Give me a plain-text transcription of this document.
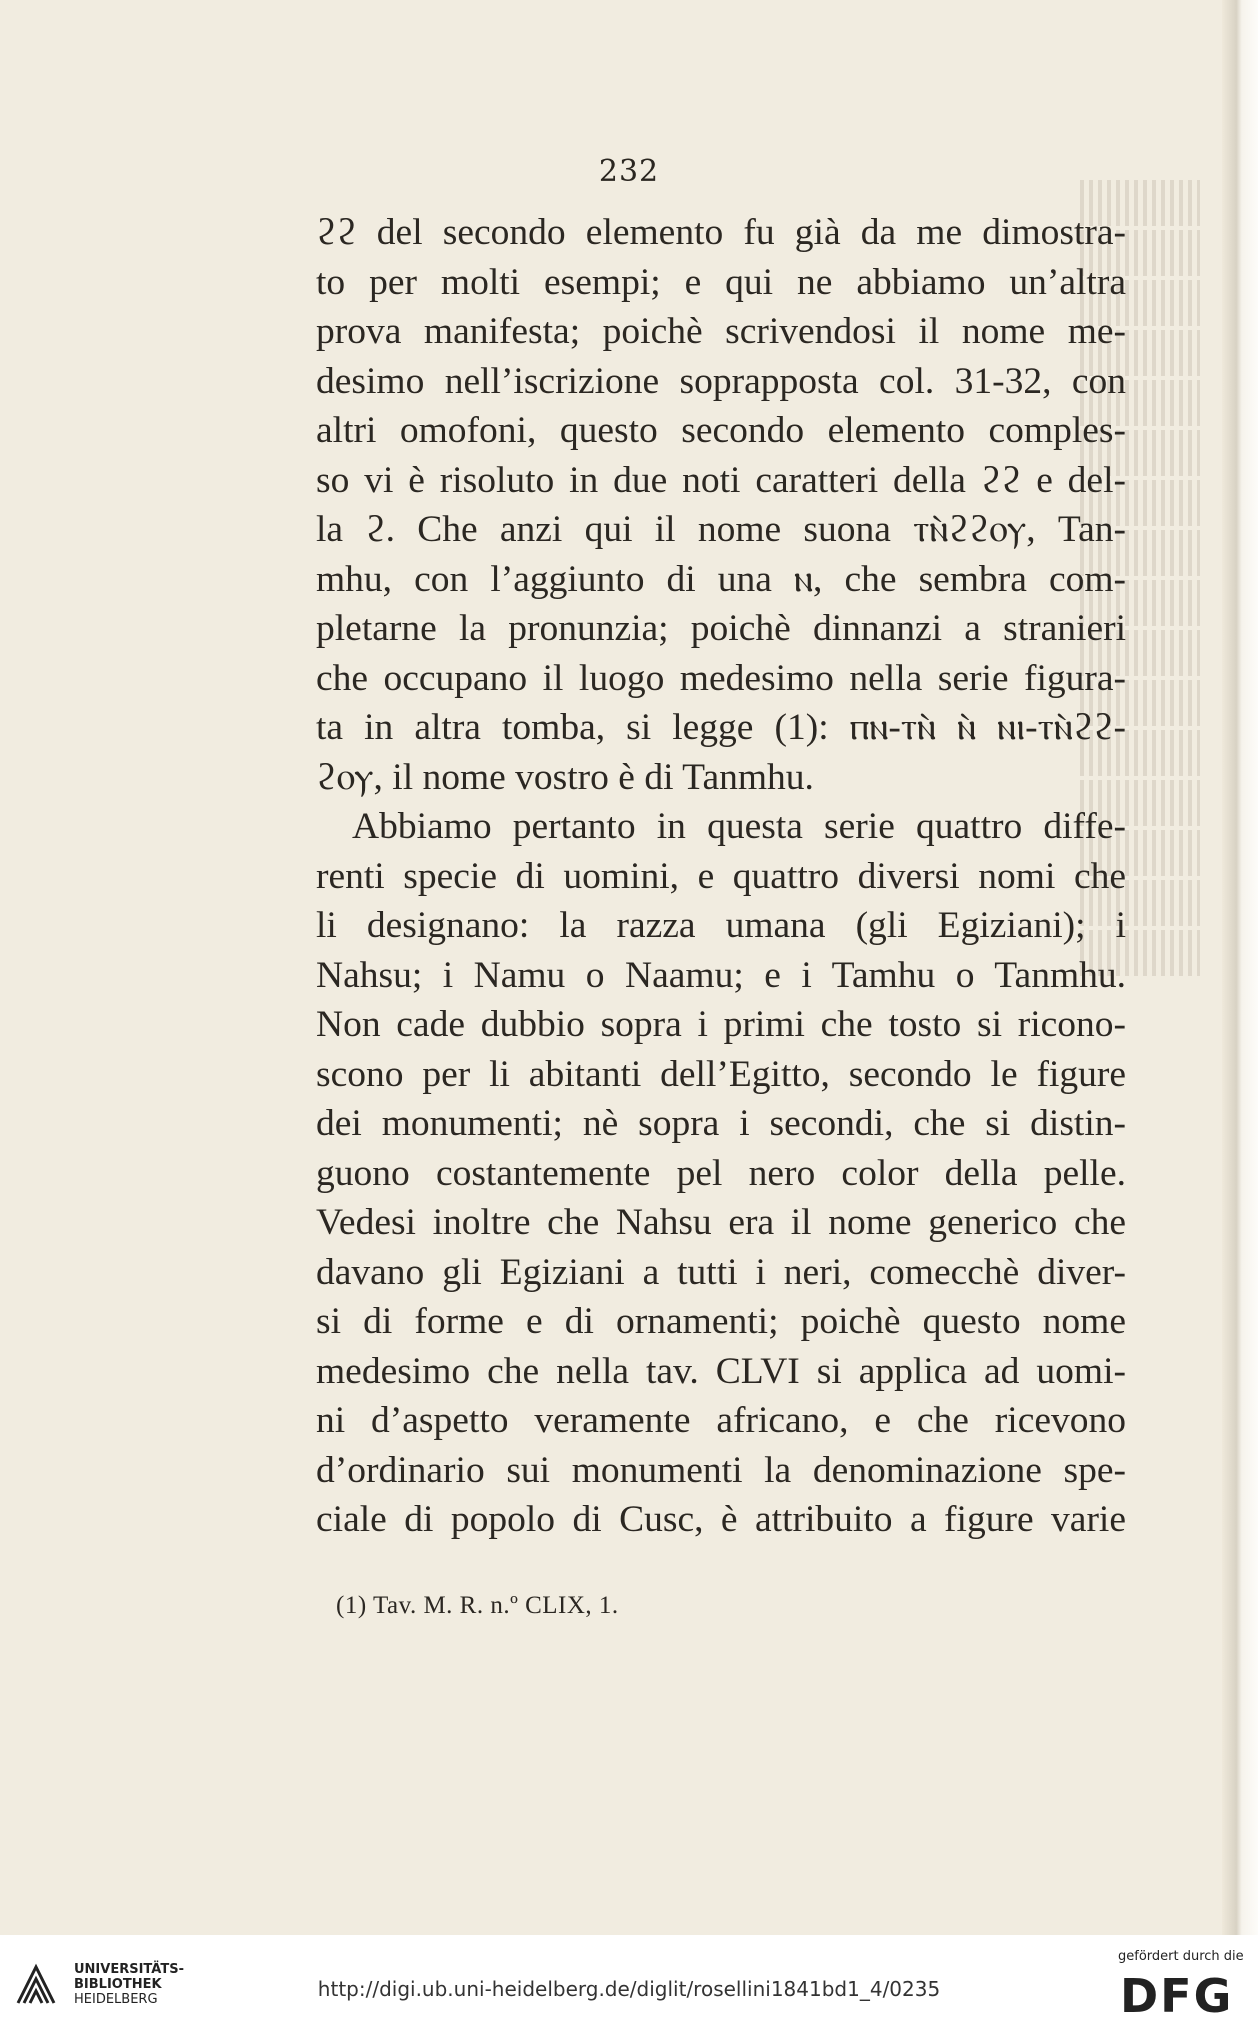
232
ϩϩ del secondo elemento fu già da me dimostra-
to per molti esempi; e qui ne abbiamo un’altra
prova manifesta; poichè scrivendosi il nome me-
desimo nell’iscrizione soprapposta col. 31-32, con
altri omofoni, questo secondo elemento comples-
so vi è risoluto in due noti caratteri della ϩϩ e del-
la ϩ. Che anzi qui il nome suona ⲧⲛ̀ϩϩⲟⲩ, Tan-
mhu, con l’aggiunto di una ⲛ, che sembra com-
pletarne la pronunzia; poichè dinnanzi a stranieri
che occupano il luogo medesimo nella serie figura-
ta in altra tomba, si legge (1): ⲡⲛ-ⲧⲛ̀ ⲛ̀ ⲛⲓ-ⲧⲛ̀ϩϩ-
ϩⲟⲩ, il nome vostro è di Tanmhu.
Abbiamo pertanto in questa serie quattro diffe-
renti specie di uomini, e quattro diversi nomi che
li designano: la razza umana (gli Egiziani); i
Nahsu; i Namu o Naamu; e i Tamhu o Tanmhu.
Non cade dubbio sopra i primi che tosto si ricono-
scono per li abitanti dell’Egitto, secondo le figure
dei monumenti; nè sopra i secondi, che si distin-
guono costantemente pel nero color della pelle.
Vedesi inoltre che Nahsu era il nome generico che
davano gli Egiziani a tutti i neri, comecchè diver-
si di forme e di ornamenti; poichè questo nome
medesimo che nella tav. CLVI si applica ad uomi-
ni d’aspetto veramente africano, e che ricevono
d’ordinario sui monumenti la denominazione spe-
ciale di popolo di Cusc, è attribuito a figure varie
(1) Tav. M. R. n.º CLIX, 1.
UNIVERSITÄTS-
BIBLIOTHEK
HEIDELBERG	http://digi.ub.uni-heidelberg.de/diglit/rosellini1841bd1_4/0235
gefördert durch die
DFG
